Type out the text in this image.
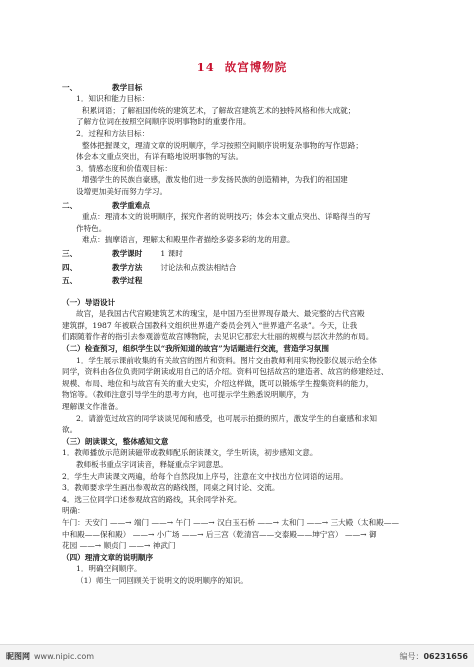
14 故宫博物院
一、	教学目标

1．知识和能力目标：

积累词语；了解祖国传统的建筑艺术，了解故宫建筑艺术的独特风格和伟大成就；

了解方位词在按照空间顺序说明事物时的重要作用。

2．过程和方法目标：

整体把握课文，理清文章的说明顺序，学习按照空间顺序说明复杂事物的写作思路；

体会本文重点突出，有详有略地说明事物的写法。

3．情感态度和价值观目标：

增强学生的民族自豪感，激发他们进一步发扬民族的创造精神，为我们的祖国建

设增更加美好而努力学习。

二、	教学重难点

重点：理清本文的说明顺序，探究作者的说明技巧；体会本文重点突出、详略得当的写

作特色。

难点：揣摩语言，理解太和殿里作者描绘多姿多彩的龙的用意。

三、	教学课时 1 课时
四、	教学方法 讨论法和点拨法相结合
五、	教学过程

（一）导语设计

故宫，是我国古代宫殿建筑艺术的瑰宝，是中国乃至世界现存最大、最完整的古代宫殿

建筑群，1987 年被联合国教科文组织世界遗产委员会列入“世界遗产名录”。今天，让我

们跟随着作者的指引去参观游览故宫博物院，去见识它那宏大壮丽的规模与层次井然的布局。

（二）检查预习，组织学生以“我所知道的故宫”为话题进行交流，营造学习氛围

1．学生展示课前收集的有关故宫的图片和资料。图片交由教师利用实物投影仪展示给全体

同学，资料由各位负责同学朗读或用自己的话介绍。资料可包括故宫的建造者、故宫的修建经过、

规模、布局、地位和与故宫有关的重大史实，介绍这样做，既可以锻炼学生搜集资料的能力，

物馆等。（教师注意引导学生的思考方向，也可提示学生熟悉说明顺序，为

理解课文作准备。

2．请游览过故宫的同学谈谈见闻和感受，也可展示拍摄的照片，激发学生的自豪感和求知

欲。

（三）朗读课文，整体感知文意

1．教师播放示范朗读磁带或教师配乐朗读课文，学生听读，初步感知文意。

教师板书重点字词读音，释疑重点字词意思。

2．学生大声读课文两遍，给每个自然段加上序号，注意在文中找出方位词语的运用。

3．教师要求学生画出参观故宫的路线图，同桌之间讨论、交流。

4．选三位同学口述参观故宫的路线，其余同学补充。

明确：

午门：天安门 ——→ 端门 ——→ 午门 ——→ 汉白玉石桥 ——→ 太和门 ——→ 三大殿（太和殿——

中和殿——保和殿） ——→ 小广场 ——→ 后三宫（乾清宫——交泰殿——坤宁宫） ——→ 御

花园 ——→ 顺贞门 ——→ 神武门

（四）理清文章的说明顺序

1．明确空间顺序。

（1）师生一同回顾关于说明文的说明顺序的知识。

昵图网 www.nipic.com	编号： 06231656
